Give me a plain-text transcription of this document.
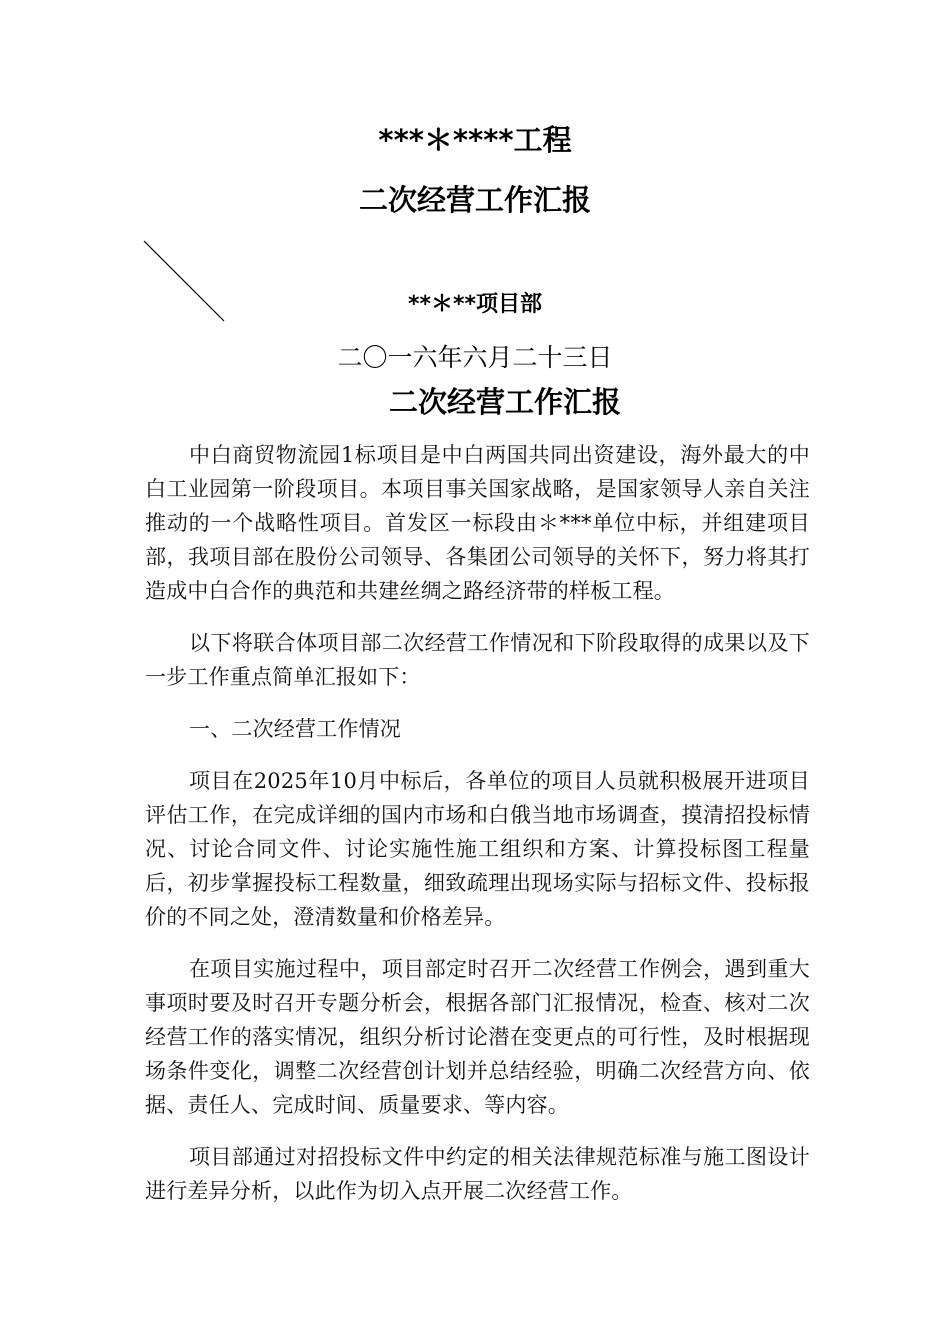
***＊****工程
二次经营工作汇报
**＊**项目部
二〇一六年六月二十三日
二次经营工作汇报

中白商贸物流园1标项目是中白两国共同出资建设，海外最大的中白工业园第一阶段项目。本项目事关国家战略，是国家领导人亲自关注推动的一个战略性项目。首发区一标段由＊***单位中标，并组建项目部，我项目部在股份公司领导、各集团公司领导的关怀下，努力将其打造成中白合作的典范和共建丝绸之路经济带的样板工程。

以下将联合体项目部二次经营工作情况和下阶段取得的成果以及下一步工作重点简单汇报如下：

一、二次经营工作情况

项目在2025年10月中标后，各单位的项目人员就积极展开进项目评估工作，在完成详细的国内市场和白俄当地市场调查，摸清招投标情况、讨论合同文件、讨论实施性施工组织和方案、计算投标图工程量后，初步掌握投标工程数量，细致疏理出现场实际与招标文件、投标报价的不同之处，澄清数量和价格差异。

在项目实施过程中，项目部定时召开二次经营工作例会，遇到重大事项时要及时召开专题分析会，根据各部门汇报情况，检查、核对二次经营工作的落实情况，组织分析讨论潜在变更点的可行性，及时根据现场条件变化，调整二次经营创计划并总结经验，明确二次经营方向、依据、责任人、完成时间、质量要求、等内容。

项目部通过对招投标文件中约定的相关法律规范标准与施工图设计进行差异分析，以此作为切入点开展二次经营工作。
